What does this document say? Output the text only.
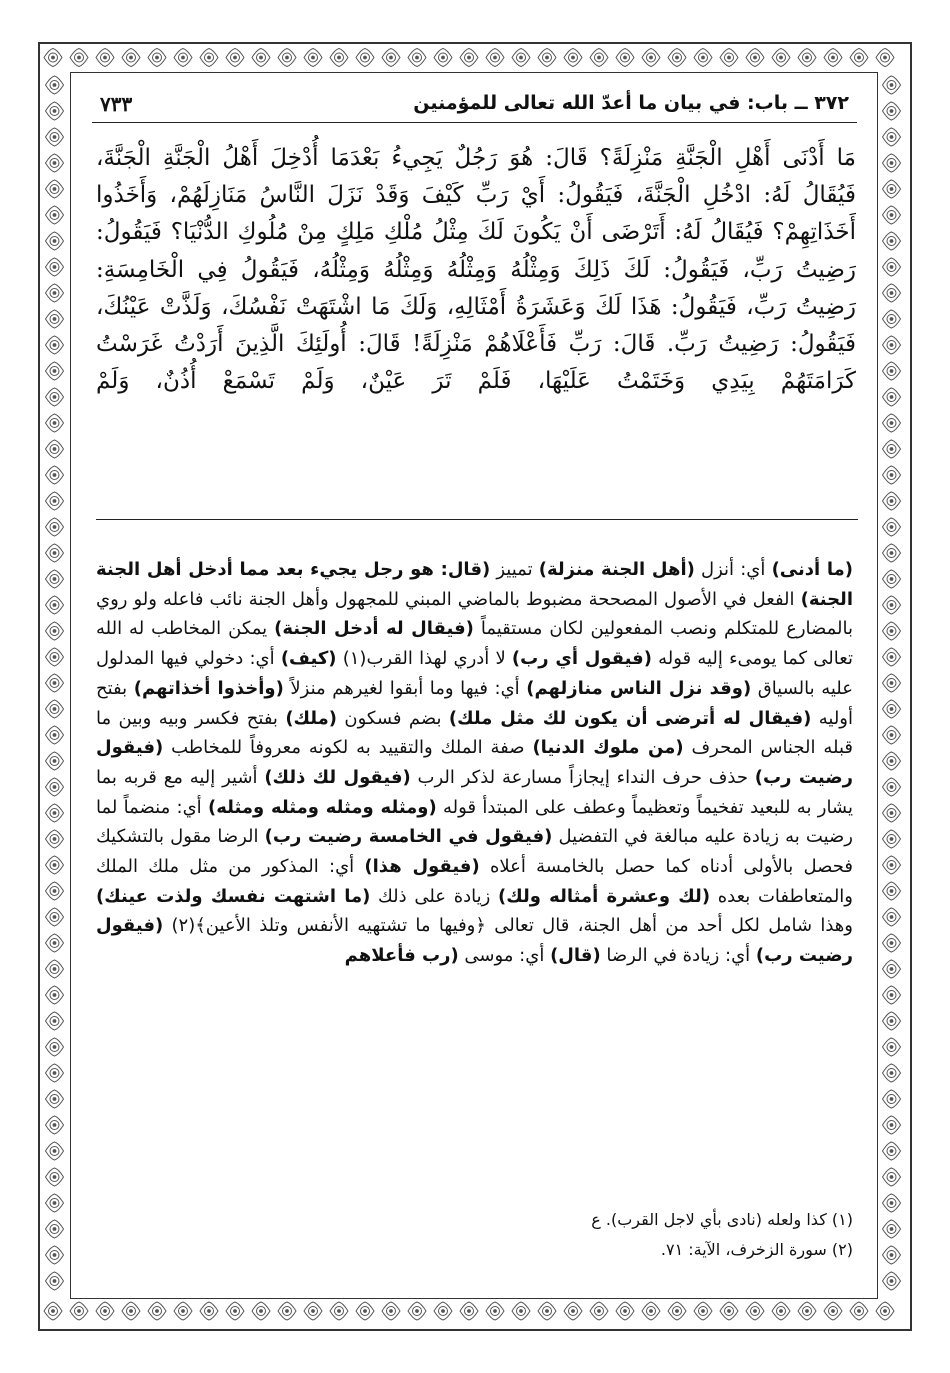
٣٧٢ ــ باب: في بيان ما أعدّ الله تعالى للمؤمنين
٧٣٣

مَا أَدْنَى أَهْلِ الْجَنَّةِ مَنْزِلَةً؟ قَالَ: هُوَ رَجُلٌ يَجِيءُ بَعْدَمَا أُدْخِلَ أَهْلُ الْجَنَّةِ الْجَنَّةَ، فَيُقَالُ لَهُ: ادْخُلِ الْجَنَّةَ، فَيَقُولُ: أَيْ رَبِّ كَيْفَ وَقَدْ نَزَلَ النَّاسُ مَنَازِلَهُمْ، وَأَخَذُوا أَخَذَاتِهِمْ؟ فَيُقَالُ لَهُ: أَتَرْضَى أَنْ يَكُونَ لَكَ مِثْلُ مُلْكِ مَلِكٍ مِنْ مُلُوكِ الدُّنْيَا؟ فَيَقُولُ: رَضِيتُ رَبِّ، فَيَقُولُ: لَكَ ذَلِكَ وَمِثْلُهُ وَمِثْلُهُ وَمِثْلُهُ وَمِثْلُهُ، فَيَقُولُ فِي الْخَامِسَةِ: رَضِيتُ رَبِّ، فَيَقُولُ: هَذَا لَكَ وَعَشَرَةُ أَمْثَالِهِ، وَلَكَ مَا اشْتَهَتْ نَفْسُكَ، وَلَذَّتْ عَيْنُكَ، فَيَقُولُ: رَضِيتُ رَبِّ. قَالَ: رَبِّ فَأَعْلَاهُمْ مَنْزِلَةً! قَالَ: أُولَئِكَ الَّذِينَ أَرَدْتُ غَرَسْتُ كَرَامَتَهُمْ بِيَدِي وَخَتَمْتُ عَلَيْهَا، فَلَمْ تَرَ عَيْنٌ، وَلَمْ تَسْمَعْ أُذُنٌ، وَلَمْ

(ما أدنى) أي: أنزل (أهل الجنة منزلة) تمييز (قال: هو رجل يجيء بعد مما أدخل أهل الجنة الجنة) الفعل في الأصول المصححة مضبوط بالماضي المبني للمجهول وأهل الجنة نائب فاعله ولو روي بالمضارع للمتكلم ونصب المفعولين لكان مستقيماً (فيقال له أدخل الجنة) يمكن المخاطب له الله تعالى كما يومىء إليه قوله (فيقول أي رب) لا أدري لهذا القرب(١) (كيف) أي: دخولي فيها المدلول عليه بالسياق (وقد نزل الناس منازلهم) أي: فيها وما أبقوا لغيرهم منزلاً (وأخذوا أخذاتهم) بفتح أوليه (فيقال له أترضى أن يكون لك مثل ملك) بضم فسكون (ملك) بفتح فكسر وبيه وبين ما قبله الجناس المحرف (من ملوك الدنيا) صفة الملك والتقييد به لكونه معروفاً للمخاطب (فيقول رضيت رب) حذف حرف النداء إيجازاً مسارعة لذكر الرب (فيقول لك ذلك) أشير إليه مع قربه بما يشار به للبعيد تفخيماً وتعظيماً وعطف على المبتدأ قوله (ومثله ومثله ومثله ومثله) أي: منضماً لما رضيت به زيادة عليه مبالغة في التفضيل (فيقول في الخامسة رضيت رب) الرضا مقول بالتشكيك فحصل بالأولى أدناه كما حصل بالخامسة أعلاه (فيقول هذا) أي: المذكور من مثل ملك الملك والمتعاطفات بعده (لك وعشرة أمثاله ولك) زيادة على ذلك (ما اشتهت نفسك ولذت عينك) وهذا شامل لكل أحد من أهل الجنة، قال تعالى ﴿وفيها ما تشتهيه الأنفس وتلذ الأعين﴾(٢) (فيقول رضيت رب) أي: زيادة في الرضا (قال) أي: موسى (رب فأعلاهم

(١) كذا ولعله (نادى بأي لاجل القرب). ع
(٢) سورة الزخرف، الآية: ٧١.
